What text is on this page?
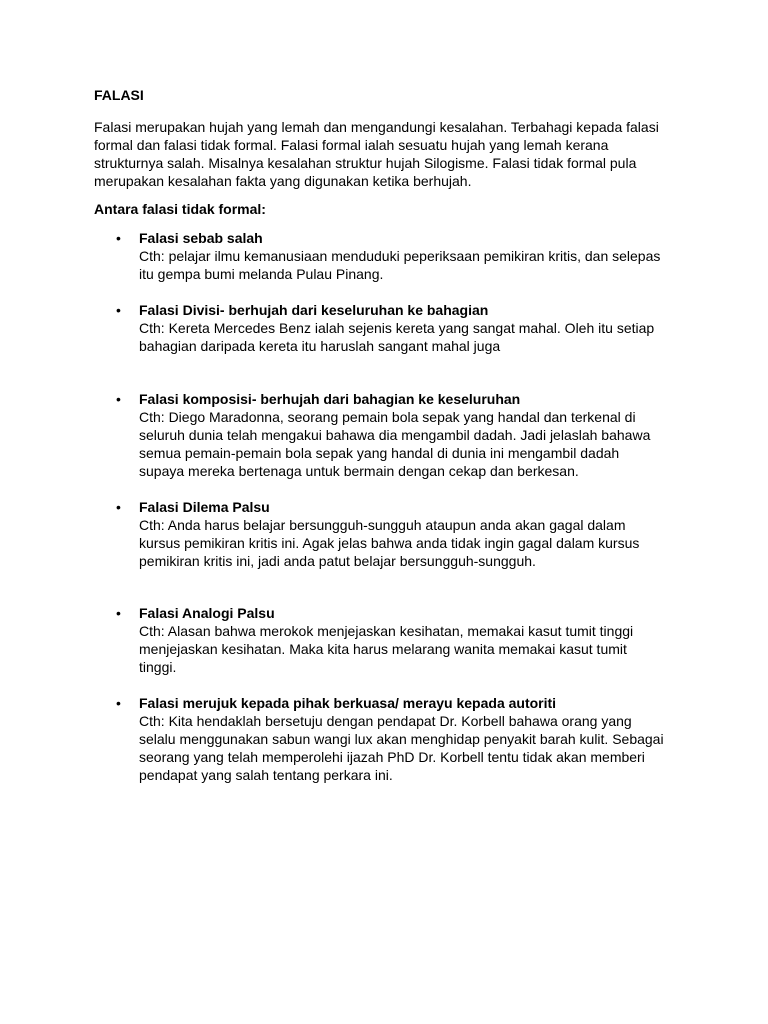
FALASI
Falasi merupakan hujah yang lemah dan mengandungi kesalahan. Terbahagi kepada falasi
formal dan falasi tidak formal. Falasi formal ialah sesuatu hujah yang lemah kerana
strukturnya salah. Misalnya kesalahan struktur hujah Silogisme. Falasi tidak formal pula
merupakan kesalahan fakta yang digunakan ketika berhujah.
Antara falasi tidak formal:
• Falasi sebab salah
Cth: pelajar ilmu kemanusiaan menduduki peperiksaan pemikiran kritis, dan selepas
itu gempa bumi melanda Pulau Pinang.
• Falasi Divisi- berhujah dari keseluruhan ke bahagian
Cth: Kereta Mercedes Benz ialah sejenis kereta yang sangat mahal. Oleh itu setiap
bahagian daripada kereta itu haruslah sangant mahal juga
• Falasi komposisi- berhujah dari bahagian ke keseluruhan
Cth: Diego Maradonna, seorang pemain bola sepak yang handal dan terkenal di
seluruh dunia telah mengakui bahawa dia mengambil dadah. Jadi jelaslah bahawa
semua pemain-pemain bola sepak yang handal di dunia ini mengambil dadah
supaya mereka bertenaga untuk bermain dengan cekap dan berkesan.
• Falasi Dilema Palsu
Cth: Anda harus belajar bersungguh-sungguh ataupun anda akan gagal dalam
kursus pemikiran kritis ini. Agak jelas bahwa anda tidak ingin gagal dalam kursus
pemikiran kritis ini, jadi anda patut belajar bersungguh-sungguh.
• Falasi Analogi Palsu
Cth: Alasan bahwa merokok menjejaskan kesihatan, memakai kasut tumit tinggi
menjejaskan kesihatan. Maka kita harus melarang wanita memakai kasut tumit
tinggi.
• Falasi merujuk kepada pihak berkuasa/ merayu kepada autoriti
Cth: Kita hendaklah bersetuju dengan pendapat Dr. Korbell bahawa orang yang
selalu menggunakan sabun wangi lux akan menghidap penyakit barah kulit. Sebagai
seorang yang telah memperolehi ijazah PhD Dr. Korbell tentu tidak akan memberi
pendapat yang salah tentang perkara ini.
